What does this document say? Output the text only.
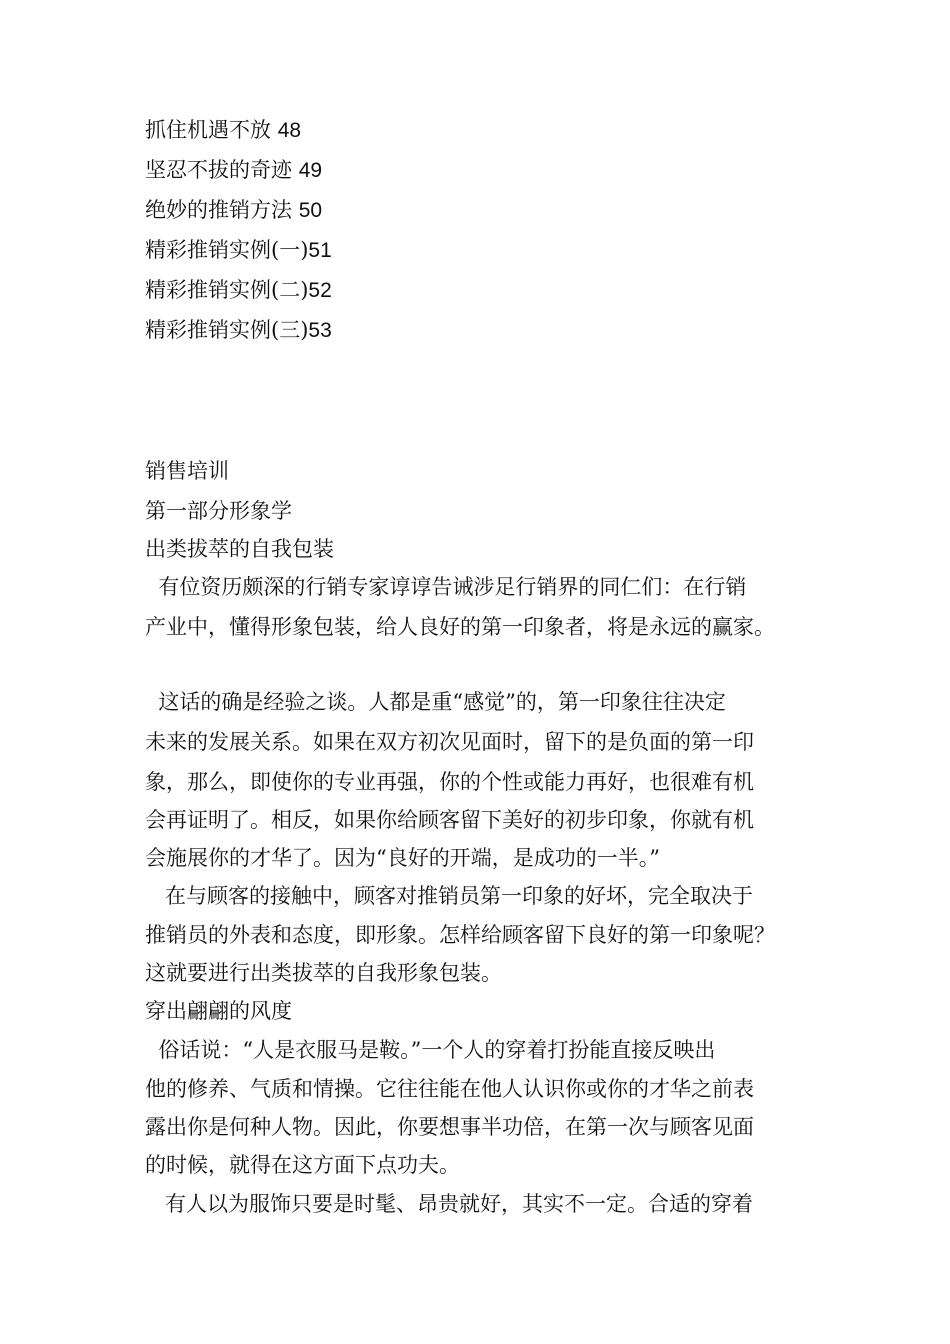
抓住机遇不放 48
坚忍不拔的奇迹 49
绝妙的推销方法 50
精彩推销实例(一)51
精彩推销实例(二)52
精彩推销实例(三)53
销售培训
第一部分形象学
出类拔萃的自我包装
有位资历颇深的行销专家谆谆告诫涉足行销界的同仁们：在行销
产业中，懂得形象包装，给人良好的第一印象者，将是永远的赢家。
这话的确是经验之谈。人都是重“感觉”的，第一印象往往决定
未来的发展关系。如果在双方初次见面时，留下的是负面的第一印
象，那么，即使你的专业再强，你的个性或能力再好，也很难有机
会再证明了。相反，如果你给顾客留下美好的初步印象，你就有机
会施展你的才华了。因为“良好的开端，是成功的一半。”
在与顾客的接触中，顾客对推销员第一印象的好坏，完全取决于
推销员的外表和态度，即形象。怎样给顾客留下良好的第一印象呢？
这就要进行出类拔萃的自我形象包装。
穿出翩翩的风度
俗话说：“人是衣服马是鞍。”一个人的穿着打扮能直接反映出
他的修养、气质和情操。它往往能在他人认识你或你的才华之前表
露出你是何种人物。因此，你要想事半功倍，在第一次与顾客见面
的时候，就得在这方面下点功夫。
有人以为服饰只要是时髦、昂贵就好，其实不一定。合适的穿着
